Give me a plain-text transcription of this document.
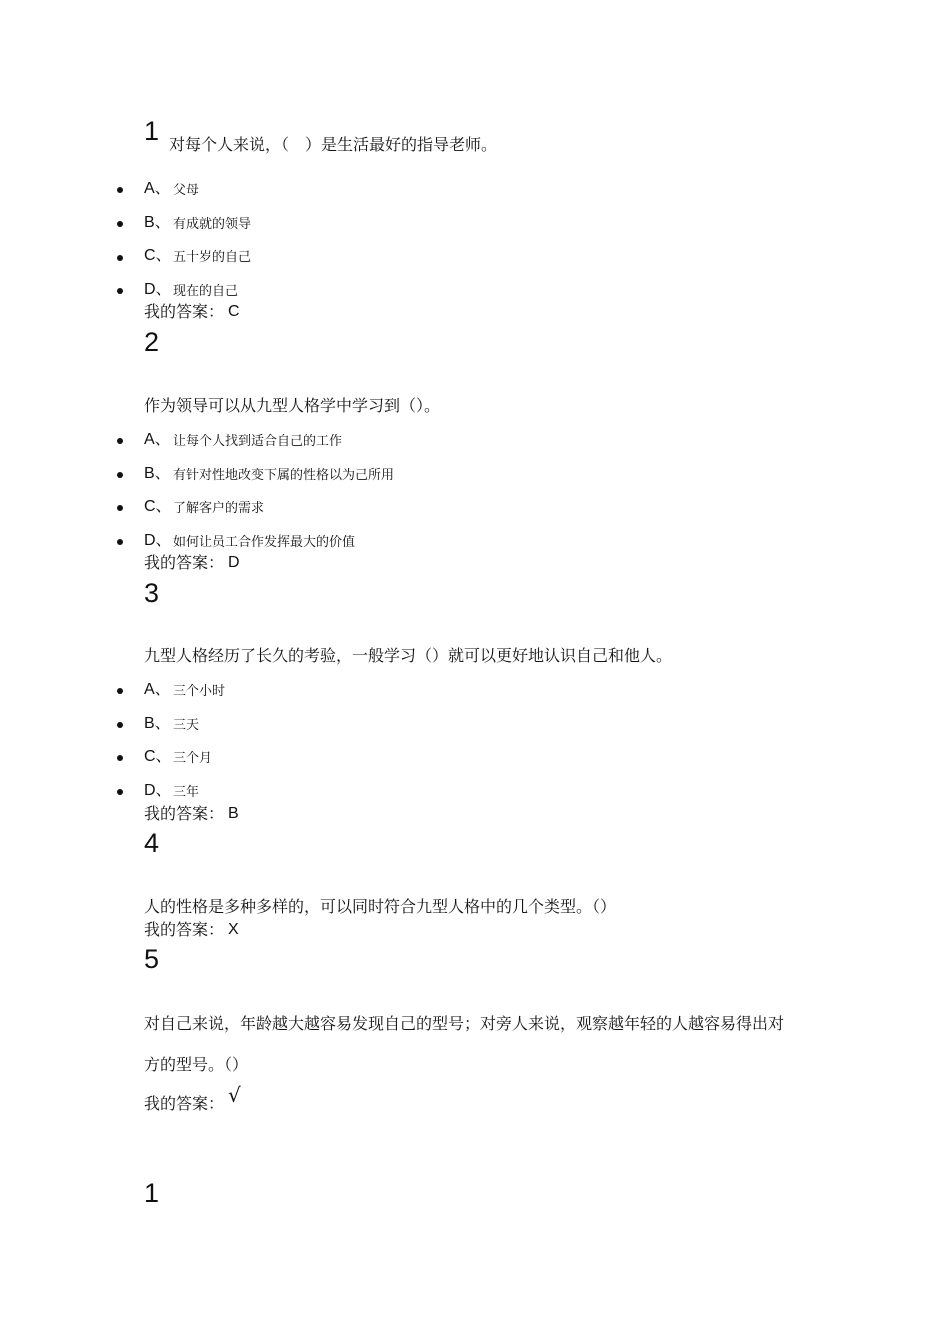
1 对每个人来说，（　）是生活最好的指导老师。
A、 父母
B、 有成就的领导
C、 五十岁的自己
D、 现在的自己
我的答案： C
2
作为领导可以从九型人格学中学习到（）。
A、 让每个人找到适合自己的工作
B、 有针对性地改变下属的性格以为己所用
C、 了解客户的需求
D、 如何让员工合作发挥最大的价值
我的答案： D
3
九型人格经历了长久的考验，一般学习（）就可以更好地认识自己和他人。
A、 三个小时
B、 三天
C、 三个月
D、 三年
我的答案： B
4
人的性格是多种多样的，可以同时符合九型人格中的几个类型。（）
我的答案： X
5
对自己来说，年龄越大越容易发现自己的型号；对旁人来说，观察越年轻的人越容易得出对
方的型号。（）
我的答案： √
1
